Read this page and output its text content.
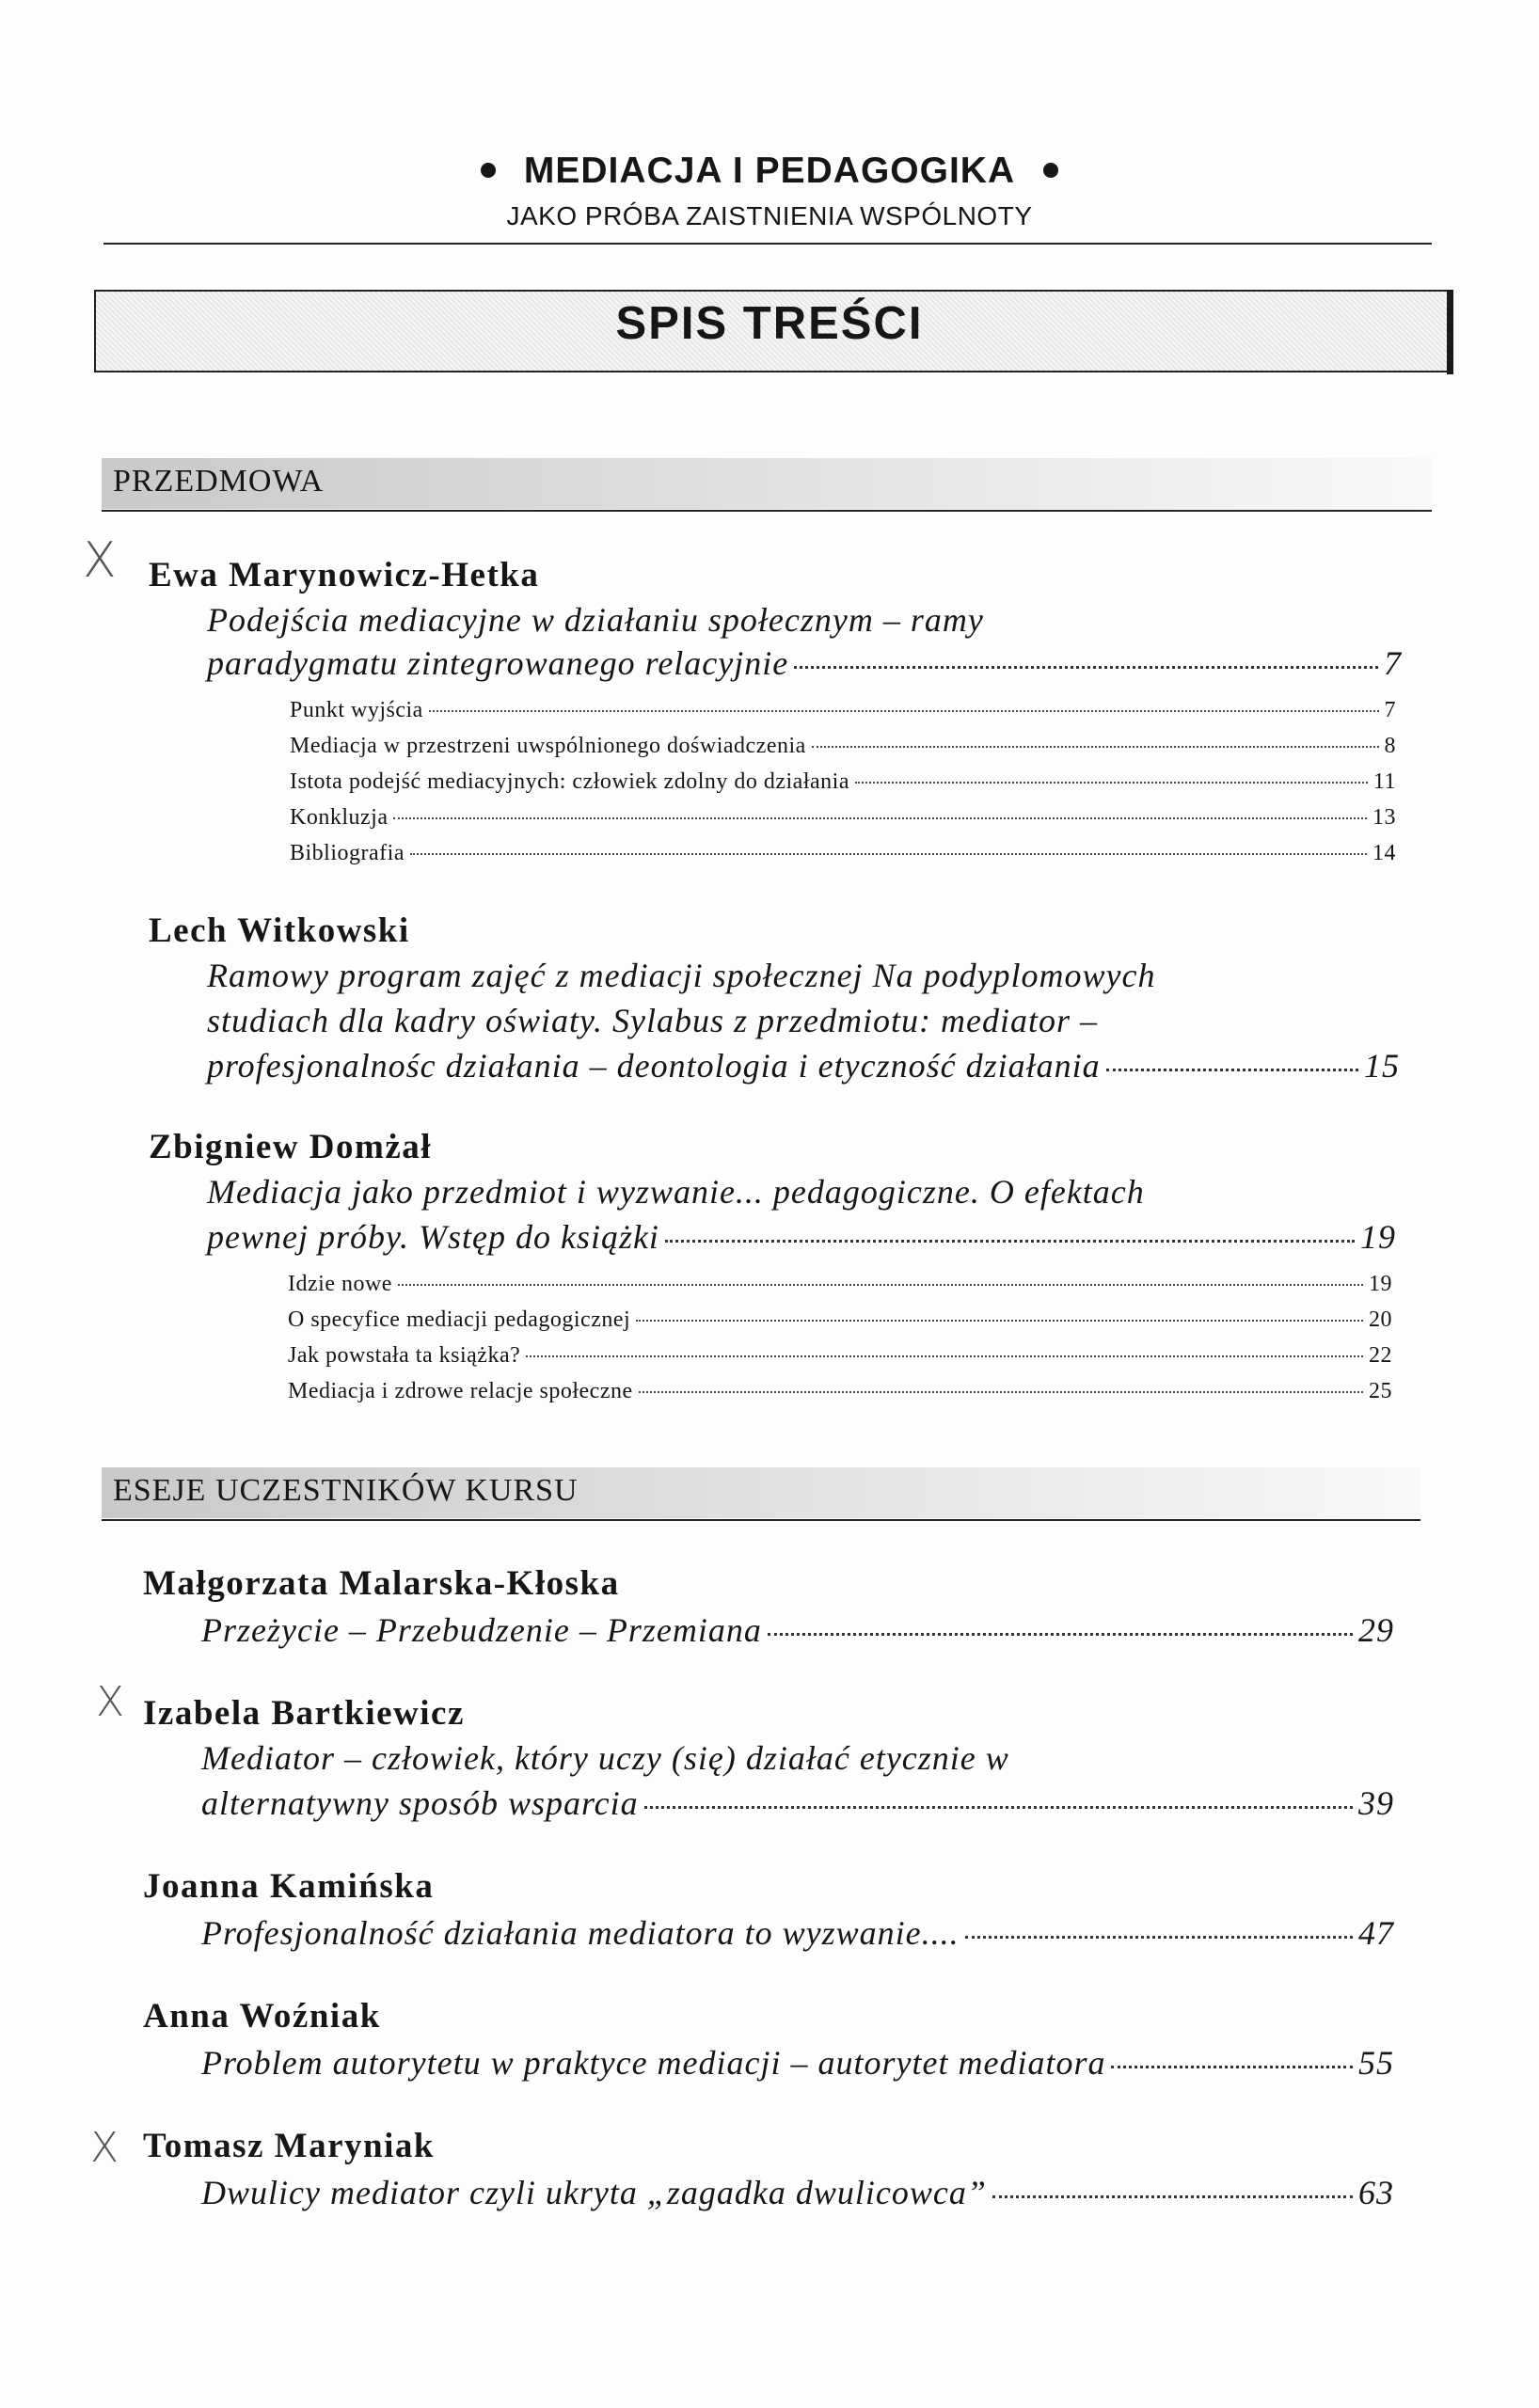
MEDIACJA I PEDAGOGIKA
JAKO PRÓBA ZAISTNIENIA WSPÓLNOTY
SPIS TREŚCI
PRZEDMOWA
X Ewa Marynowicz-Hetka
Podejścia mediacyjne w działaniu społecznym – ramy
paradygmatu zintegrowanego relacyjnie	7
Punkt wyjścia	7
Mediacja w przestrzeni uwspólnionego doświadczenia	8
Istota podejść mediacyjnych: człowiek zdolny do działania	11
Konkluzja	13
Bibliografia	14
Lech Witkowski
Ramowy program zajęć z mediacji społecznej Na podyplomowych
studiach dla kadry oświaty. Sylabus z przedmiotu: mediator –
profesjonalnośc działania – deontologia i etyczność działania	15
Zbigniew Domżał
Mediacja jako przedmiot i wyzwanie... pedagogiczne. O efektach
pewnej próby. Wstęp do książki	19
Idzie nowe	19
O specyfice mediacji pedagogicznej	20
Jak powstała ta książka?	22
Mediacja i zdrowe relacje społeczne	25
ESEJE UCZESTNIKÓW KURSU
Małgorzata Malarska-Kłoska
Przeżycie – Przebudzenie – Przemiana	29
X Izabela Bartkiewicz
Mediator – człowiek, który uczy (się) działać etycznie w
alternatywny sposób wsparcia	39
Joanna Kamińska
Profesjonalność działania mediatora to wyzwanie....	47
Anna Woźniak
Problem autorytetu w praktyce mediacji – autorytet mediatora	55
X Tomasz Maryniak
Dwulicy mediator czyli ukryta „zagadka dwulicowca”	63
